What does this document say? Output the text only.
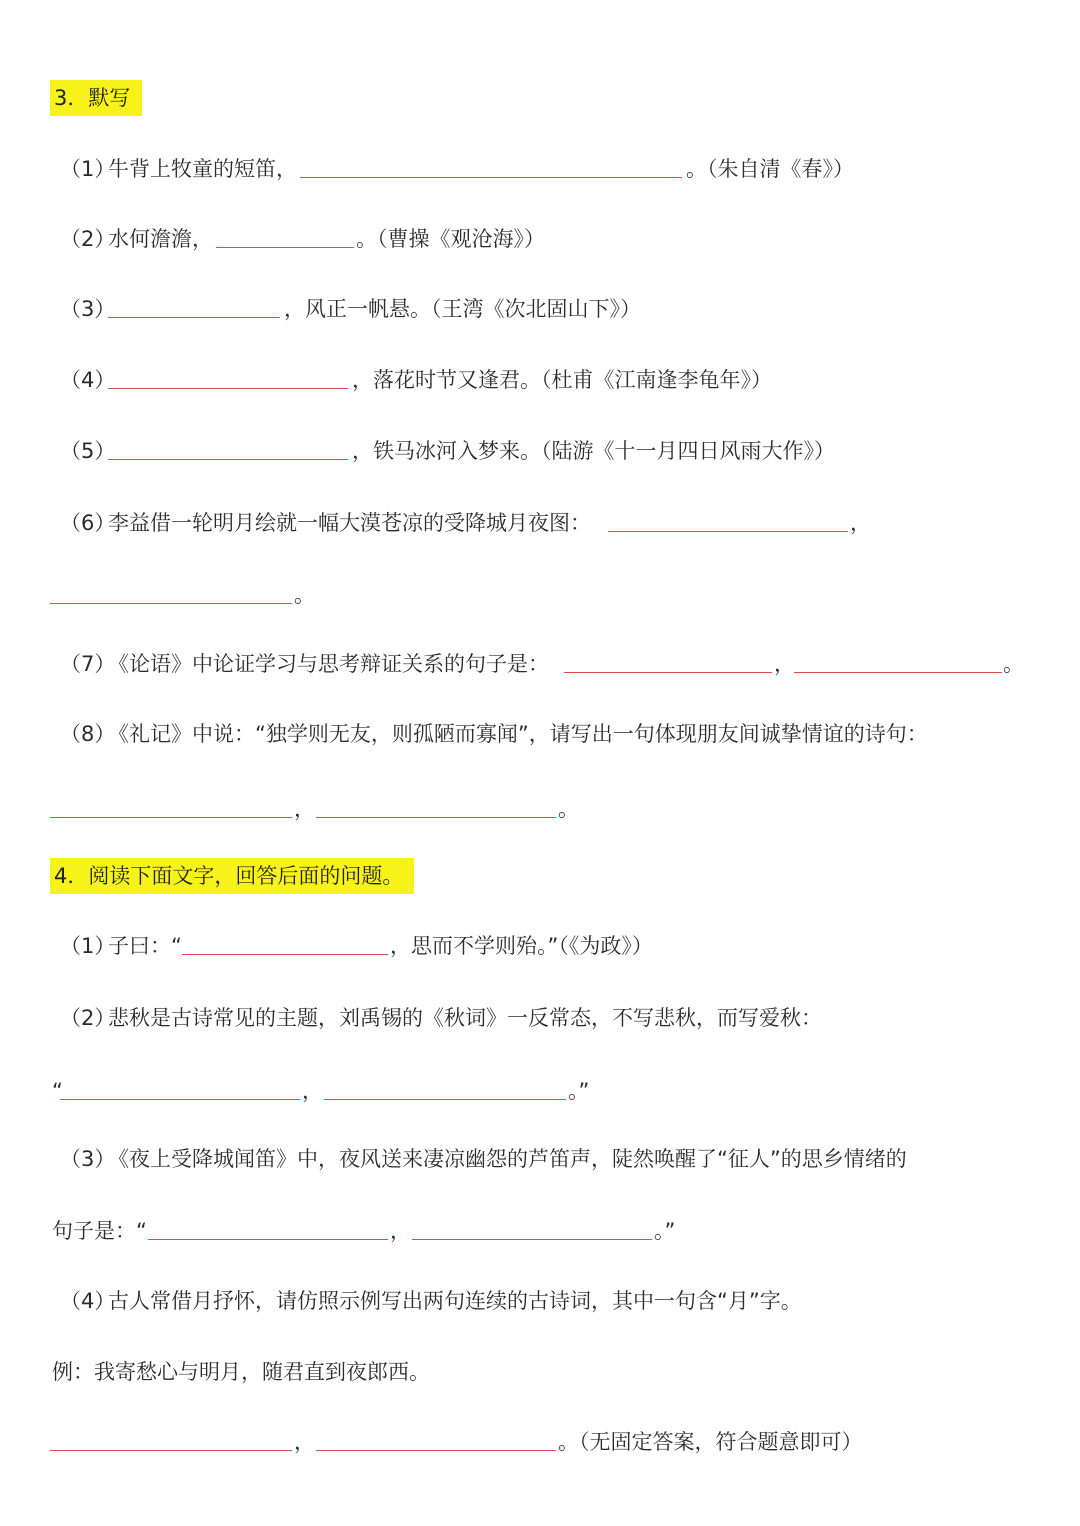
3．默写
（1）
牛背上牧童的短笛，	。（朱自清《春》）
（2）
水何澹澹，	。（曹操《观沧海》）
（3）	，风正一帆悬。（王湾《次北固山下》）
（4）	，落花时节又逢君。（杜甫《江南逢李龟年》）
（5）	，铁马冰河入梦来。（陆游《十一月四日风雨大作》）
（6）
李益借一轮明月绘就一幅大漠苍凉的受降城月夜图：	，
。
（7）
《论语》中论证学习与思考辩证关系的句子是：	，	。
（8）
《礼记》中说：“独学则无友，则孤陋而寡闻”，请写出一句体现朋友间诚挚情谊的诗句：
，	。
4．阅读下面文字，回答后面的问题。
（1）
子曰：“	，思而不学则殆。”（《为政》）
（2）
悲秋是古诗常见的主题，刘禹锡的《秋词》一反常态，不写悲秋，而写爱秋：
“	，	。”
（3）
《夜上受降城闻笛》中，夜风送来凄凉幽怨的芦笛声，陡然唤醒了“征人”的思乡情绪的
句子是：“	，	。”
（4）
古人常借月抒怀，请仿照示例写出两句连续的古诗词，其中一句含“月”字。
例：我寄愁心与明月，随君直到夜郎西。
，	。（无固定答案，符合题意即可）
